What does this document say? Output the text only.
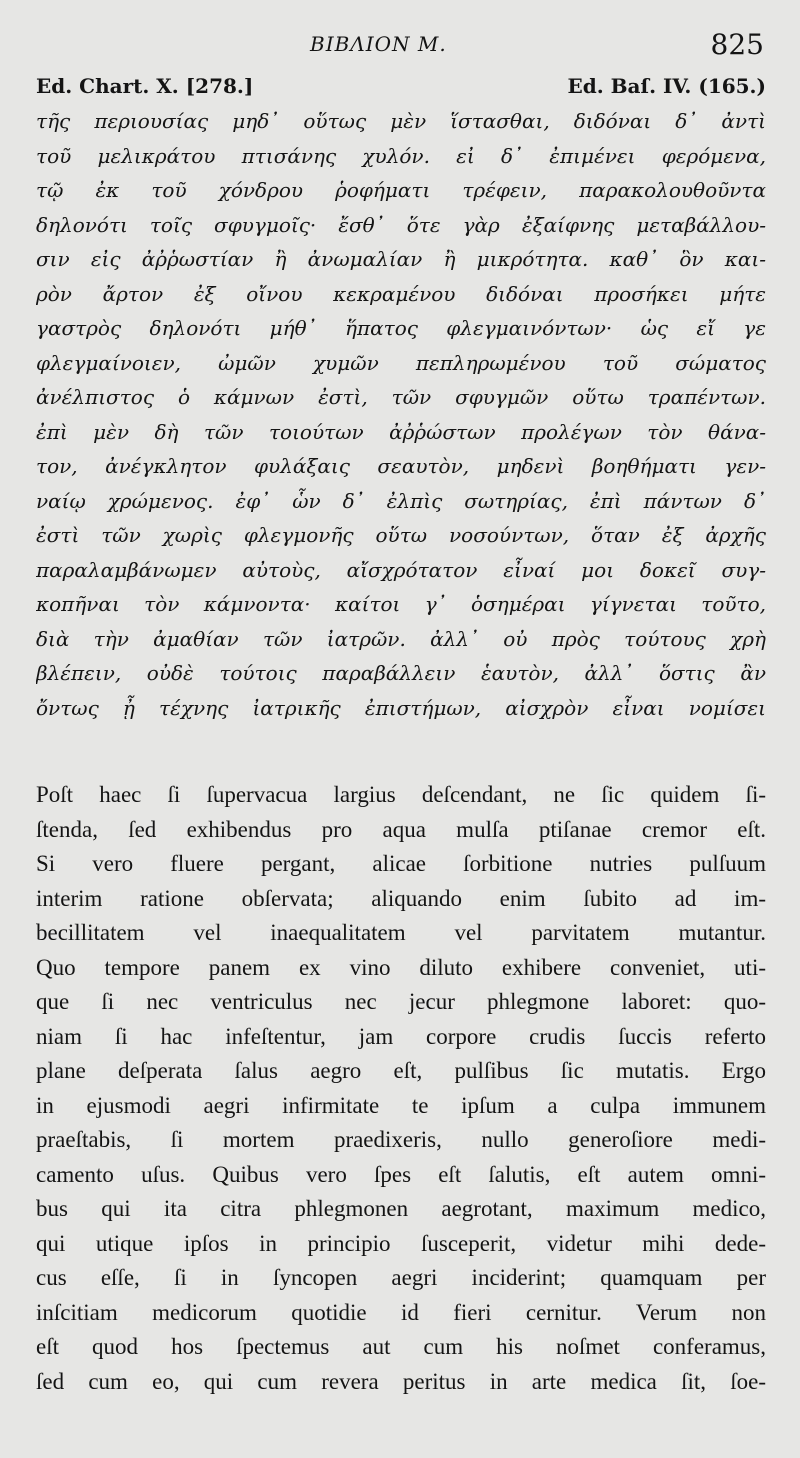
BIBΛION M.	825
Ed. Chart. X. [278.]	Ed. Baſ. IV. (165.)
τῆς περιουσίας μηδ᾽ οὕτως μὲν ἵστασθαι, διδόναι δ᾽ ἀντὶ
τοῦ μελικράτου πτισάνης χυλόν. εἰ δ᾽ ἐπιμένει φερόμενα,
τῷ ἐκ τοῦ χόνδρου ῥοφήματι τρέφειν, παρακολουθοῦντα
δηλονότι τοῖς σφυγμοῖς· ἔσθ᾽ ὅτε γὰρ ἐξαίφνης μεταβάλλου-
σιν εἰς ἀῤῥωστίαν ἢ ἀνωμαλίαν ἢ μικρότητα. καθ᾽ ὃν και-
ρὸν ἄρτον ἐξ οἴνου κεκραμένου διδόναι προσήκει μήτε
γαστρὸς δηλονότι μήθ᾽ ἥπατος φλεγμαινόντων· ὡς εἴ γε
φλεγμαίνοιεν, ὠμῶν χυμῶν πεπληρωμένου τοῦ σώματος
ἀνέλπιστος ὁ κάμνων ἐστὶ, τῶν σφυγμῶν οὕτω τραπέντων.
ἐπὶ μὲν δὴ τῶν τοιούτων ἀῤῥώστων προλέγων τὸν θάνα-
τον, ἀνέγκλητον φυλάξαις σεαυτὸν, μηδενὶ βοηθήματι γεν-
ναίῳ χρώμενος. ἐφ᾽ ὧν δ᾽ ἐλπὶς σωτηρίας, ἐπὶ πάντων δ᾽
ἐστὶ τῶν χωρὶς φλεγμονῆς οὕτω νοσούντων, ὅταν ἐξ ἀρχῆς
παραλαμβάνωμεν αὐτοὺς, αἴσχρότατον εἶναί μοι δοκεῖ συγ-
κοπῆναι τὸν κάμνοντα· καίτοι γ᾽ ὁσημέραι γίγνεται τοῦτο,
διὰ τὴν ἀμαθίαν τῶν ἰατρῶν. ἀλλ᾽ οὐ πρὸς τούτους χρὴ
βλέπειν, οὐδὲ τούτοις παραβάλλειν ἑαυτὸν, ἀλλ᾽ ὅστις ἂν
ὄντως ᾖ τέχνης ἰατρικῆς ἐπιστήμων, αἰσχρὸν εἶναι νομίσει
Poſt haec ſi ſupervacua largius deſcendant, ne ſic quidem ſi-
ſtenda, ſed exhibendus pro aqua mulſa ptiſanae cremor eſt.
Si vero fluere pergant, alicae ſorbitione nutries pulſuum
interim ratione obſervata; aliquando enim ſubito ad im-
becillitatem vel inaequalitatem vel parvitatem mutantur.
Quo tempore panem ex vino diluto exhibere conveniet, uti-
que ſi nec ventriculus nec jecur phlegmone laboret: quo-
niam ſi hac infeſtentur, jam corpore crudis ſuccis referto
plane deſperata ſalus aegro eſt, pulſibus ſic mutatis. Ergo
in ejusmodi aegri infirmitate te ipſum a culpa immunem
praeſtabis, ſi mortem praedixeris, nullo generoſiore medi-
camento uſus. Quibus vero ſpes eſt ſalutis, eſt autem omni-
bus qui ita citra phlegmonen aegrotant, maximum medico,
qui utique ipſos in principio ſusceperit, videtur mihi dede-
cus eſſe, ſi in ſyncopen aegri inciderint; quamquam per
inſcitiam medicorum quotidie id fieri cernitur. Verum non
eſt quod hos ſpectemus aut cum his noſmet conferamus,
ſed cum eo, qui cum revera peritus in arte medica ſit, ſoe-
